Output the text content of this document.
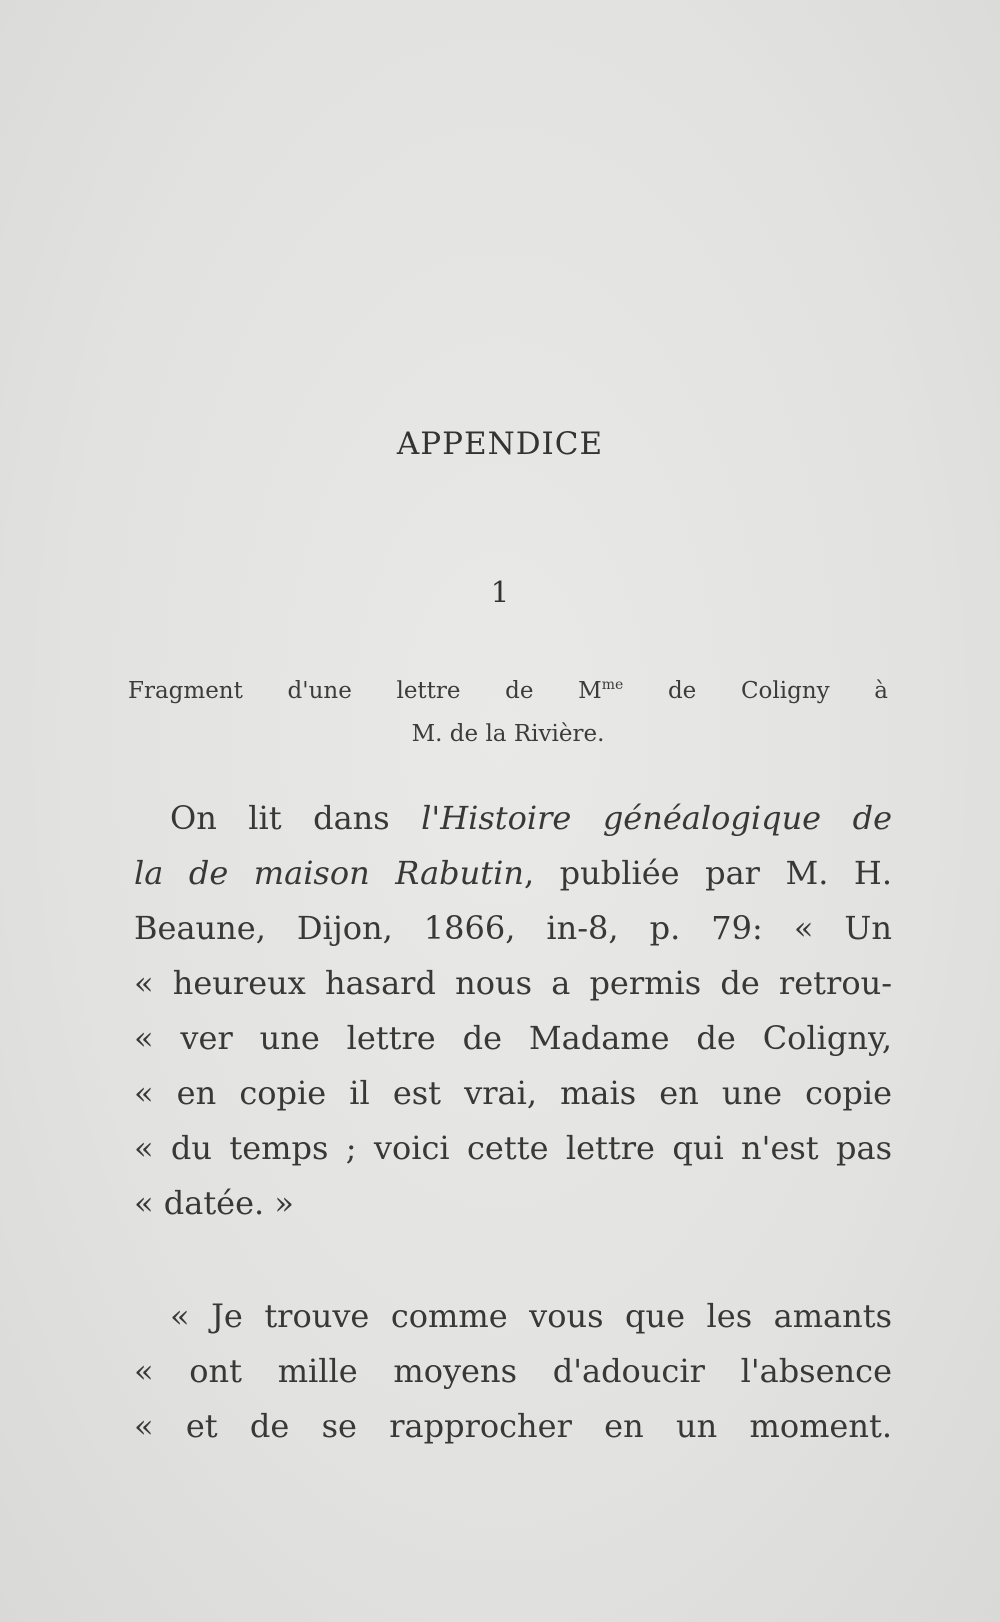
APPENDICE
1

Fragment d'une lettre de $M^{me}$ de Coligny à

M. de la Rivière.

On lit dans l'Histoire généalogique de
la de maison Rabutin, publiée par M. H.
Beaune, Dijon, 1866, in-8, p. 79: « Un
« heureux hasard nous a permis de retrou-
« ver une lettre de Madame de Coligny,
« en copie il est vrai, mais en une copie
« du temps ; voici cette lettre qui n'est pas
« datée. »
« Je trouve comme vous que les amants
« ont mille moyens d'adoucir l'absence
« et de se rapprocher en un moment.
